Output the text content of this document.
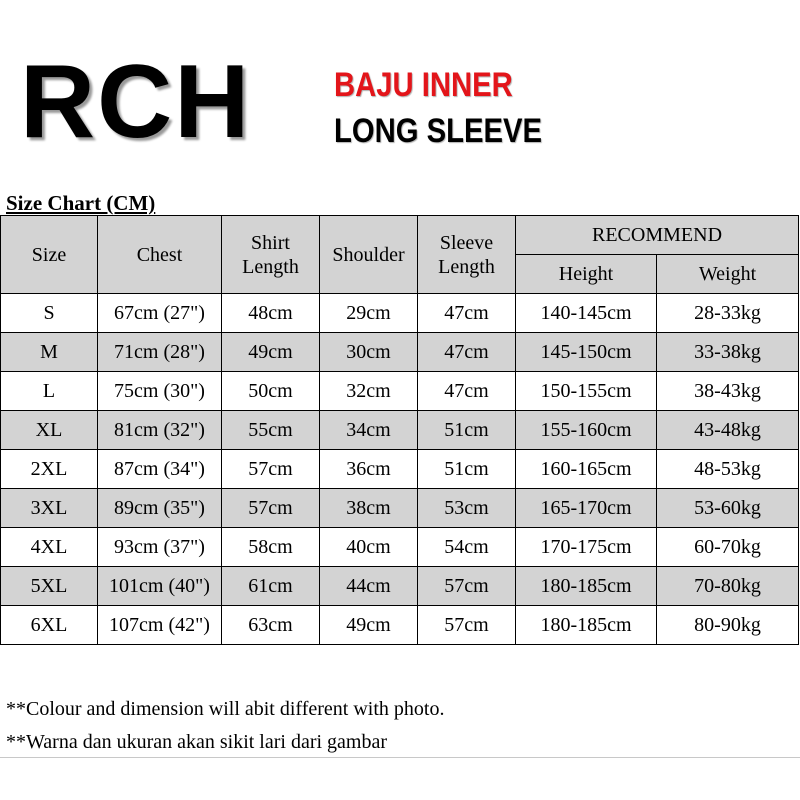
RCH BAJU INNER
LONG SLEEVE
Size Chart (CM)
Size	Chest	Shirt Length	Shoulder	Sleeve Length	RECOMMEND	
					Height	Weight
S	67cm (27")	48cm	29cm	47cm	140-145cm	28-33kg
M	71cm (28")	49cm	30cm	47cm	145-150cm	33-38kg
L	75cm (30")	50cm	32cm	47cm	150-155cm	38-43kg
XL	81cm (32")	55cm	34cm	51cm	155-160cm	43-48kg
2XL	87cm (34")	57cm	36cm	51cm	160-165cm	48-53kg
3XL	89cm (35")	57cm	38cm	53cm	165-170cm	53-60kg
4XL	93cm (37")	58cm	40cm	54cm	170-175cm	60-70kg
5XL	101cm (40")	61cm	44cm	57cm	180-185cm	70-80kg
6XL	107cm (42")	63cm	49cm	57cm	180-185cm	80-90kg
**Colour and dimension will abit different with photo.
**Warna dan ukuran akan sikit lari dari gambar
